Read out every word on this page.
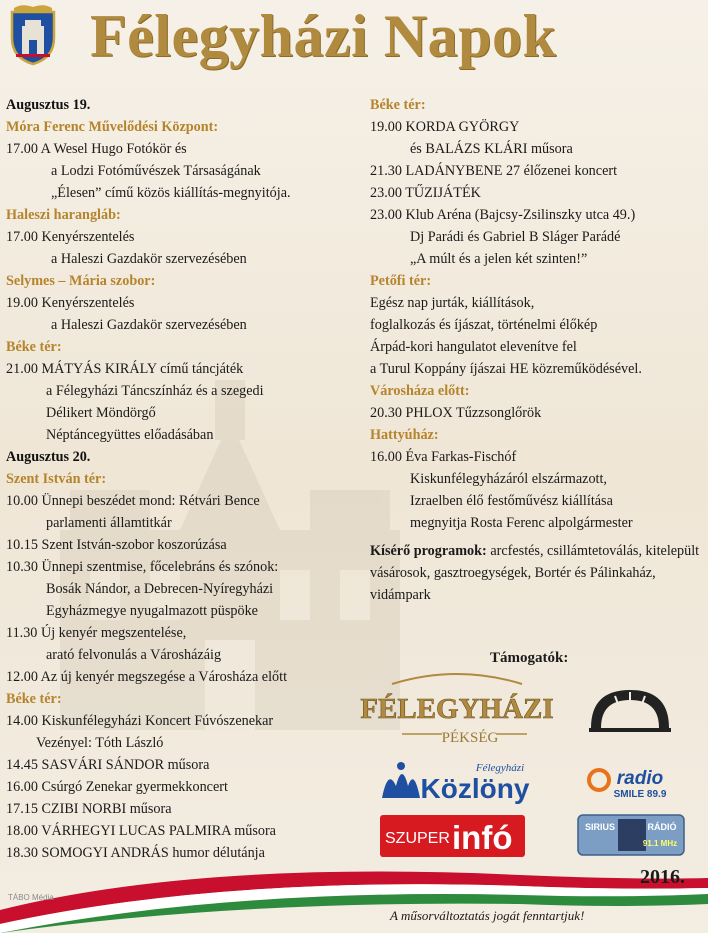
Félegyházi Napok
Augusztus 19.
Móra Ferenc Művelődési Központ:
17.00 A Wesel Hugo Fotókör és
a Lodzi Fotóművészek Társaságának
„Élesen” című közös kiállítás-megnyitója.
Haleszi harangláb:
17.00 Kenyérszentelés
a Haleszi Gazdakör szervezésében
Selymes – Mária szobor:
19.00 Kenyérszentelés
a Haleszi Gazdakör szervezésében
Béke tér:
21.00 MÁTYÁS KIRÁLY című táncjáték
a Félegyházi Táncszínház és a szegedi
Délikert Möndörgő
Néptáncegyüttes előadásában
Augusztus 20.
Szent István tér:
10.00 Ünnepi beszédet mond: Rétvári Bence
parlamenti államtitkár
10.15 Szent István-szobor koszorúzása
10.30 Ünnepi szentmise, főcelebráns és szónok:
Bosák Nándor, a Debrecen-Nyíregyházi
Egyházmegye nyugalmazott püspöke
11.30 Új kenyér megszentelése,
arató felvonulás a Városházáig
12.00 Az új kenyér megszegése a Városháza előtt
Béke tér:
14.00 Kiskunfélegyházi Koncert Fúvószenekar
Vezényel: Tóth László
14.45 SASVÁRI SÁNDOR műsora
16.00 Csúrgó Zenekar gyermekkoncert
17.15 CZIBI NORBI műsora
18.00 VÁRHEGYI LUCAS PALMIRA műsora
18.30 SOMOGYI ANDRÁS humor délutánja
Béke tér:
19.00 KORDA GYÖRGY
és BALÁZS KLÁRI műsora
21.30 LADÁNYBENE 27 élőzenei koncert
23.00 TŰZIJÁTÉK
23.00 Klub Aréna (Bajcsy-Zsilinszky utca 49.)
Dj Parádi és Gabriel B Sláger Parádé
„A múlt és a jelen két szinten!”
Petőfi tér:
Egész nap jurták, kiállítások,
foglalkozás és íjászat, történelmi élőkép
Árpád-kori hangulatot elevenítve fel
a Turul Koppány íjászai HE közreműködésével.
Városháza előtt:
20.30 PHLOX Tűzzsonglőrök
Hattyúház:
16.00 Éva Farkas-Fischóf
Kiskunfélegyházáról elszármazott,
Izraelben élő festőművész kiállítása
megnyitja Rosta Ferenc alpolgármester
Kísérő programok: arcfestés, csillámtetoválás, kitelepült vásárosok, gasztroegységek, Bortér és Pálinkaház, vidámpark
Támogatók:
FÉLEGYHÁZI
PÉKSÉG
Félegyházi
Közlöny	radio
SMILE 89.9
SZUPER infó	SIRIUS	RÁDIÓ
91.1 MHz
2016.
A műsorváltoztatás jogát fenntartjuk!
TÁBO Média
